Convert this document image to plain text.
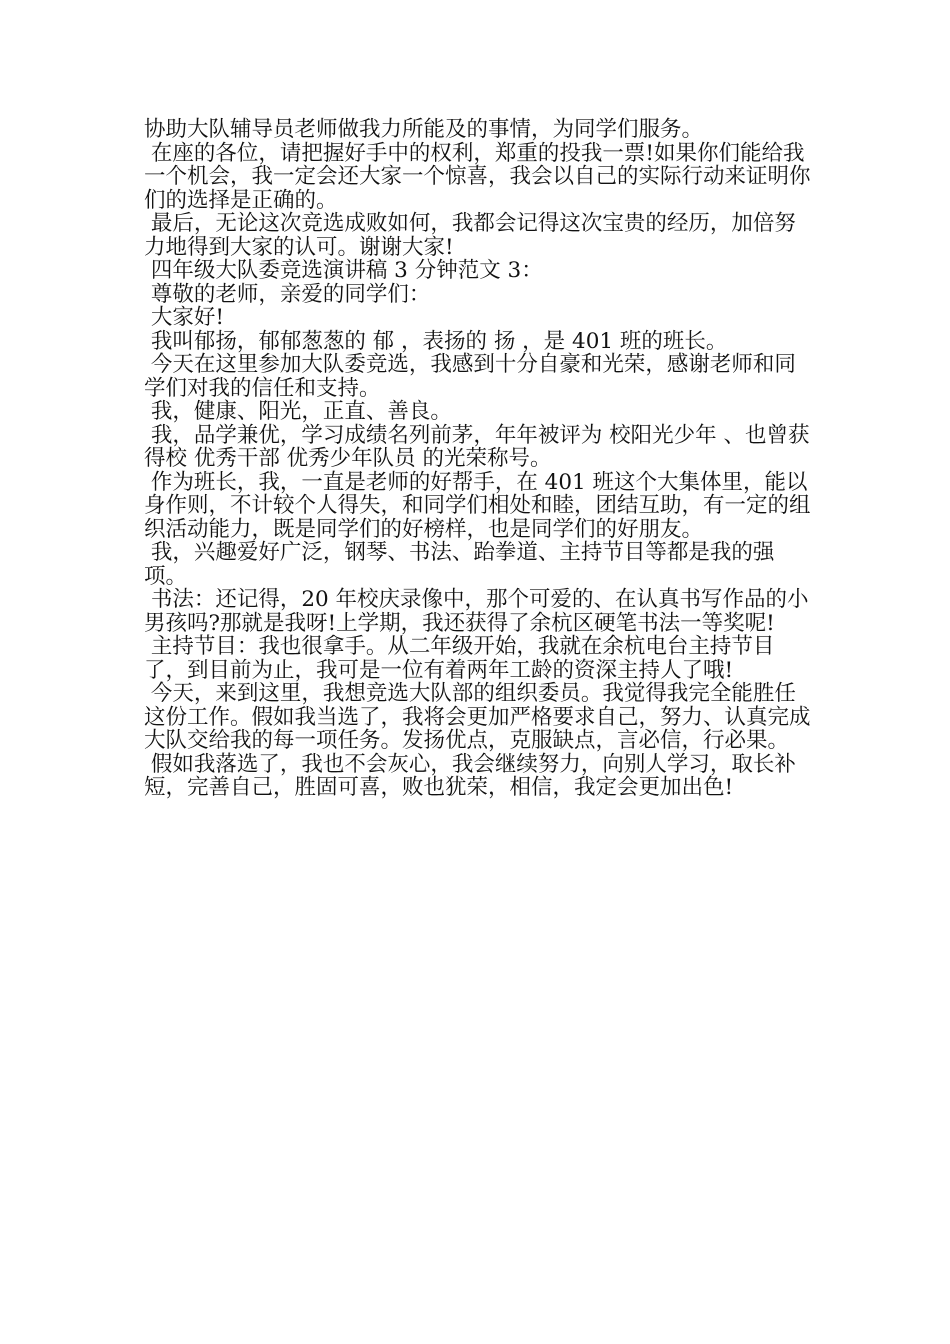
协助大队辅导员老师做我力所能及的事情，为同学们服务。

在座的各位，请把握好手中的权利，郑重的投我一票!如果你们能给我一个机会，我一定会还大家一个惊喜，我会以自己的实际行动来证明你们的选择是正确的。

最后，无论这次竞选成败如何，我都会记得这次宝贵的经历，加倍努力地得到大家的认可。谢谢大家!

四年级大队委竞选演讲稿 3 分钟范文 3：

尊敬的老师，亲爱的同学们：

大家好!

我叫郁扬，郁郁葱葱的 郁 ，表扬的 扬 ，是 401 班的班长。

今天在这里参加大队委竞选，我感到十分自豪和光荣，感谢老师和同学们对我的信任和支持。

我，健康、阳光，正直、善良。

我，品学兼优，学习成绩名列前茅，年年被评为 校阳光少年 、也曾获得校 优秀干部 优秀少年队员 的光荣称号。

作为班长，我，一直是老师的好帮手，在 401 班这个大集体里，能以身作则，不计较个人得失，和同学们相处和睦，团结互助，有一定的组织活动能力，既是同学们的好榜样，也是同学们的好朋友。

我，兴趣爱好广泛，钢琴、书法、跆拳道、主持节目等都是我的强项。

书法：还记得，20 年校庆录像中，那个可爱的、在认真书写作品的小男孩吗?那就是我呀!上学期，我还获得了余杭区硬笔书法一等奖呢!

主持节目：我也很拿手。从二年级开始，我就在余杭电台主持节目了，到目前为止，我可是一位有着两年工龄的资深主持人了哦!

今天，来到这里，我想竞选大队部的组织委员。我觉得我完全能胜任这份工作。假如我当选了，我将会更加严格要求自己，努力、认真完成大队交给我的每一项任务。发扬优点，克服缺点，言必信，行必果。

假如我落选了，我也不会灰心，我会继续努力，向别人学习，取长补短，完善自己，胜固可喜，败也犹荣，相信，我定会更加出色!
